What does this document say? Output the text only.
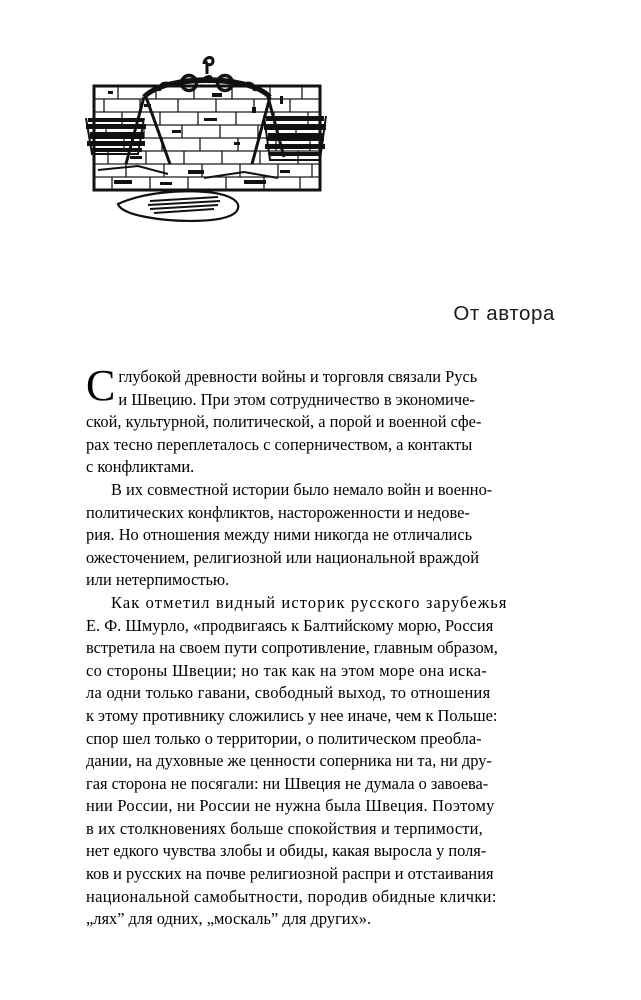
От автора
С глубокой древности войны и торговля связали Русь
и Швецию. При этом сотрудничество в экономиче-
ской, культурной, политической, а порой и военной сфе-
рах тесно переплеталось с соперничеством, а контакты
с конфликтами.
В их совместной истории было немало войн и военно-
политических конфликтов, настороженности и недове-
рия. Но отношения между ними никогда не отличались
ожесточением, религиозной или национальной враждой
или нетерпимостью.
Как отметил видный историк русского зарубежья
Е. Ф. Шмурло, «продвигаясь к Балтийскому морю, Россия
встретила на своем пути сопротивление, главным образом,
со стороны Швеции; но так как на этом море она иска-
ла одни только гавани, свободный выход, то отношения
к этому противнику сложились у нее иначе, чем к Польше:
спор шел только о территории, о политическом преобла-
дании, на духовные же ценности соперника ни та, ни дру-
гая сторона не посягали: ни Швеция не думала о завоева-
нии России, ни России не нужна была Швеция. Поэтому
в их столкновениях больше спокойствия и терпимости,
нет едкого чувства злобы и обиды, какая выросла у поля-
ков и русских на почве религиозной распри и отстаивания
национальной самобытности, породив обидные клички:
„лях” для одних, „москаль” для других».
